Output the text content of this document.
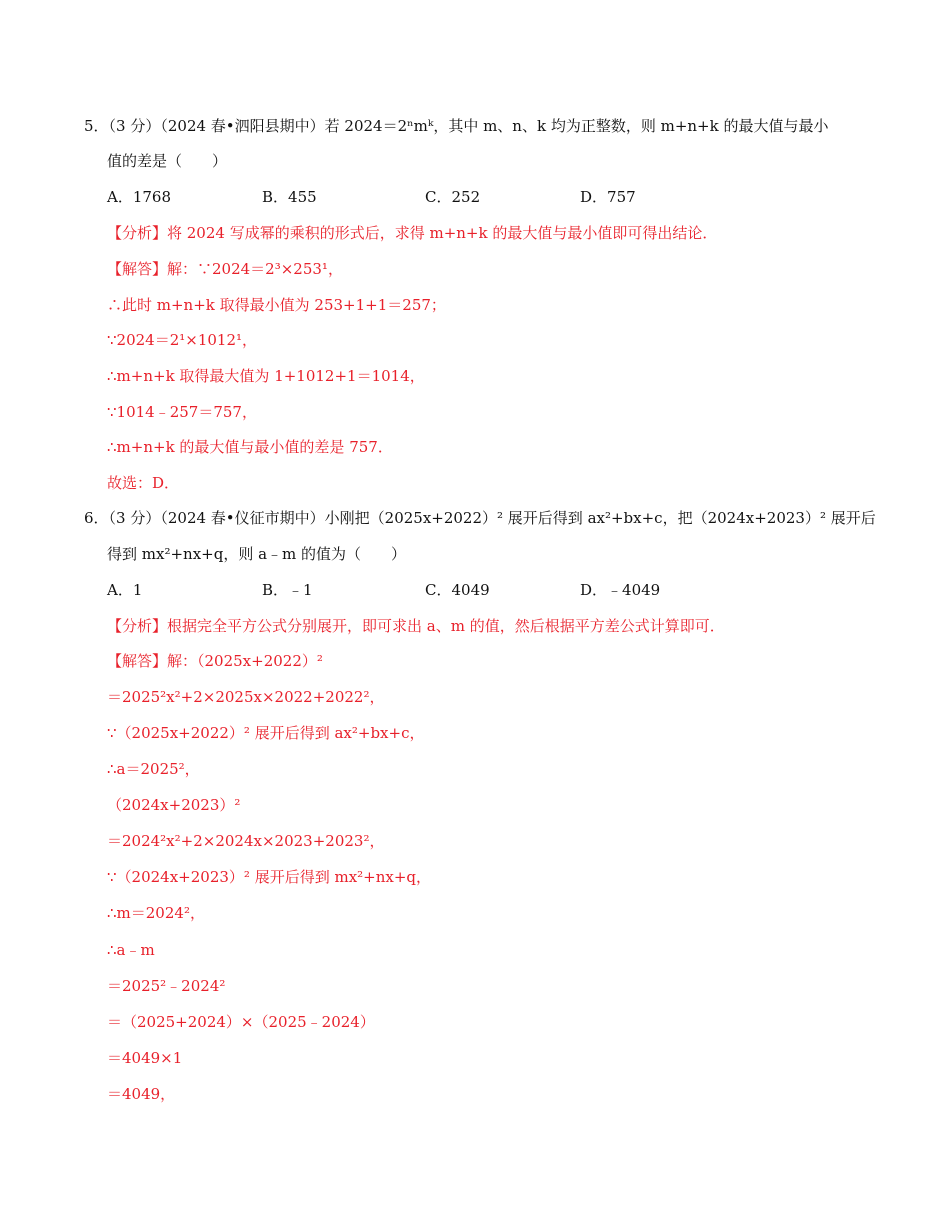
5．（3 分）（2024 春•泗阳县期中）若 2024＝2ⁿmᵏ，其中 m、n、k 均为正整数，则 m+n+k 的最大值与最小
值的差是（　　）
A．1768	B．455	C．252	D．757
【分析】将 2024 写成幂的乘积的形式后，求得 m+n+k 的最大值与最小值即可得出结论．
【解答】解：∵2024＝2³×253¹，
∴此时 m+n+k 取得最小值为 253+1+1＝257；
∵2024＝2¹×1012¹，
∴m+n+k 取得最大值为 1+1012+1＝1014，
∵1014﹣257＝757，
∴m+n+k 的最大值与最小值的差是 757．
故选：D．
6．（3 分）（2024 春•仪征市期中）小刚把（2025x+2022）² 展开后得到 ax²+bx+c，把（2024x+2023）² 展开后
得到 mx²+nx+q，则 a﹣m 的值为（　　）
A．1	B．﹣1	C．4049	D．﹣4049
【分析】根据完全平方公式分别展开，即可求出 a、m 的值，然后根据平方差公式计算即可．
【解答】解：（2025x+2022）²
＝2025²x²+2×2025x×2022+2022²，
∵（2025x+2022）² 展开后得到 ax²+bx+c，
∴a＝2025²，
（2024x+2023）²
＝2024²x²+2×2024x×2023+2023²，
∵（2024x+2023）² 展开后得到 mx²+nx+q，
∴m＝2024²，
∴a﹣m
＝2025²﹣2024²
＝（2025+2024）×（2025﹣2024）
＝4049×1
＝4049，
